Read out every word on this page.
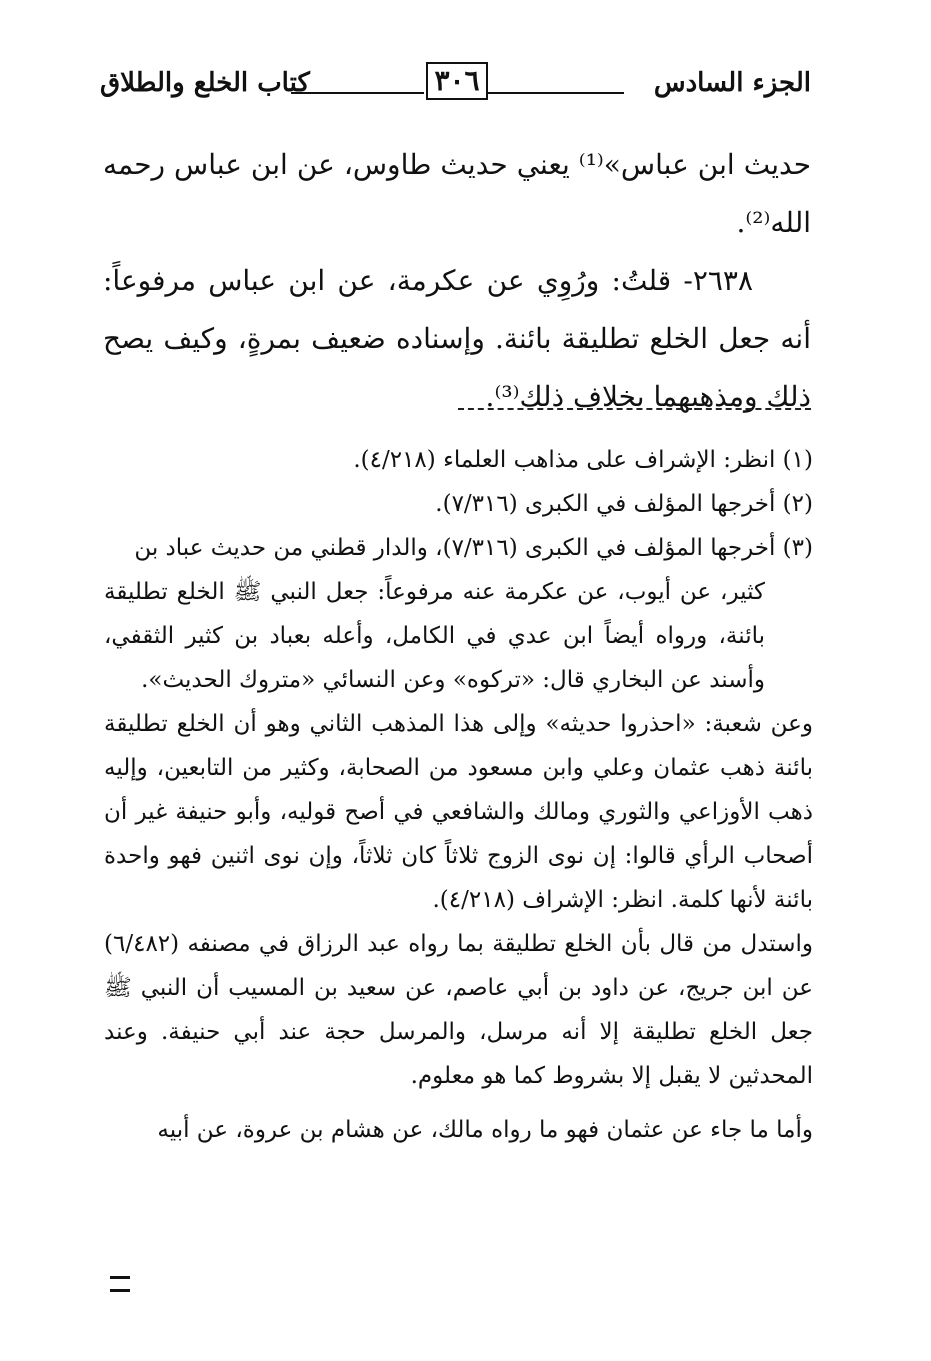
الجزء السادس
٣٠٦
كتاب الخلع والطلاق

حديث ابن عباس»⁽¹⁾ يعني حديث طاوس، عن ابن عباس رحمه الله⁽²⁾.

٢٦٣٨- قلتُ: ورُوِي عن عكرمة، عن ابن عباس مرفوعاً: أنه جعل الخلع تطليقة بائنة. وإسناده ضعيف بمرةٍ، وكيف يصح ذلك ومذهبهما بخلاف ذلك⁽³⁾.

(١) انظر: الإشراف على مذاهب العلماء (٤/٢١٨).

(٢) أخرجها المؤلف في الكبرى (٧/٣١٦).

(٣) أخرجها المؤلف في الكبرى (٧/٣١٦)، والدار قطني من حديث عباد بن

كثير، عن أيوب، عن عكرمة عنه مرفوعاً: جعل النبي ﷺ الخلع تطليقة بائنة، ورواه أيضاً ابن عدي في الكامل، وأعله بعباد بن كثير الثقفي، وأسند عن البخاري قال: «تركوه» وعن النسائي «متروك الحديث».

وعن شعبة: «احذروا حديثه» وإلى هذا المذهب الثاني وهو أن الخلع تطليقة بائنة ذهب عثمان وعلي وابن مسعود من الصحابة، وكثير من التابعين، وإليه ذهب الأوزاعي والثوري ومالك والشافعي في أصح قوليه، وأبو حنيفة غير أن أصحاب الرأي قالوا: إن نوى الزوج ثلاثاً كان ثلاثاً، وإن نوى اثنين فهو واحدة بائنة لأنها كلمة. انظر: الإشراف (٤/٢١٨).

واستدل من قال بأن الخلع تطليقة بما رواه عبد الرزاق في مصنفه (٦/٤٨٢) عن ابن جريج، عن داود بن أبي عاصم، عن سعيد بن المسيب أن النبي ﷺ جعل الخلع تطليقة إلا أنه مرسل، والمرسل حجة عند أبي حنيفة. وعند المحدثين لا يقبل إلا بشروط كما هو معلوم.

وأما ما جاء عن عثمان فهو ما رواه مالك، عن هشام بن عروة، عن أبيه
